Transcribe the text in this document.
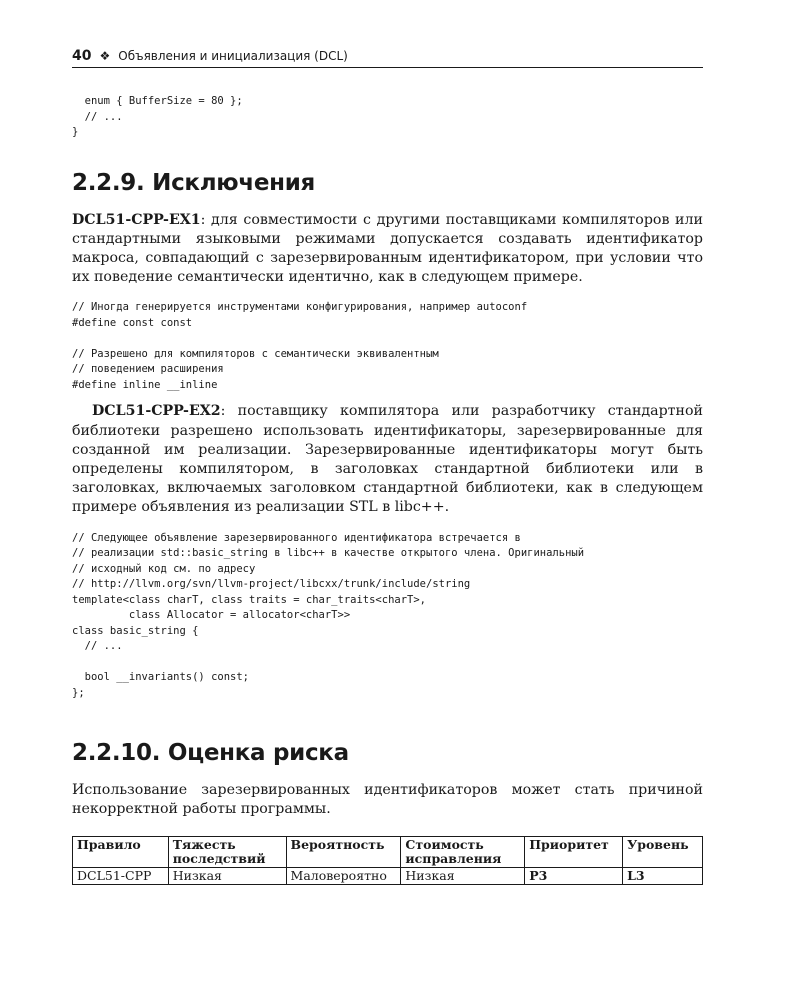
40 ❖ Объявления и инициализация (DCL)
enum { BufferSize = 80 };
// ...
}
2.2.9. Исключения

DCL51-CPP-EX1: для совместимости с другими поставщиками компиляторов или стандартными языковыми режимами допускается создавать идентификатор макроса, совпадающий с зарезервированным идентификатором, при условии что их поведение семантически идентично, как в следующем примере.

// Иногда генерируется инструментами конфигурирования, например autoconf
#define const const

// Разрешено для компиляторов с семантически эквивалентным
// поведением расширения
#define inline __inline

DCL51-CPP-EX2: поставщику компилятора или разработчику стандартной библиотеки разрешено использовать идентификаторы, зарезервированные для созданной им реализации. Зарезервированные идентификаторы могут быть определены компилятором, в заголовках стандартной библиотеки или в заголовках, включаемых заголовком стандартной библиотеки, как в следующем примере объявления из реализации STL в libc++.

// Следующее объявление зарезервированного идентификатора встречается в
// реализации std::basic_string в libc++ в качестве открытого члена. Оригинальный
// исходный код см. по адресу
// http://llvm.org/svn/llvm-project/libcxx/trunk/include/string
template<class charT, class traits = char_traits<charT>,
class Allocator = allocator<charT>>
class basic_string {
// ...

bool __invariants() const;
};
2.2.10. Оценка риска

Использование зарезервированных идентификаторов может стать причиной некорректной работы программы.

Правило	Тяжесть последствий	Вероятность	Стоимость исправления	Приоритет	Уровень
DCL51-CPP	Низкая	Маловероятно	Низкая	P3	L3
